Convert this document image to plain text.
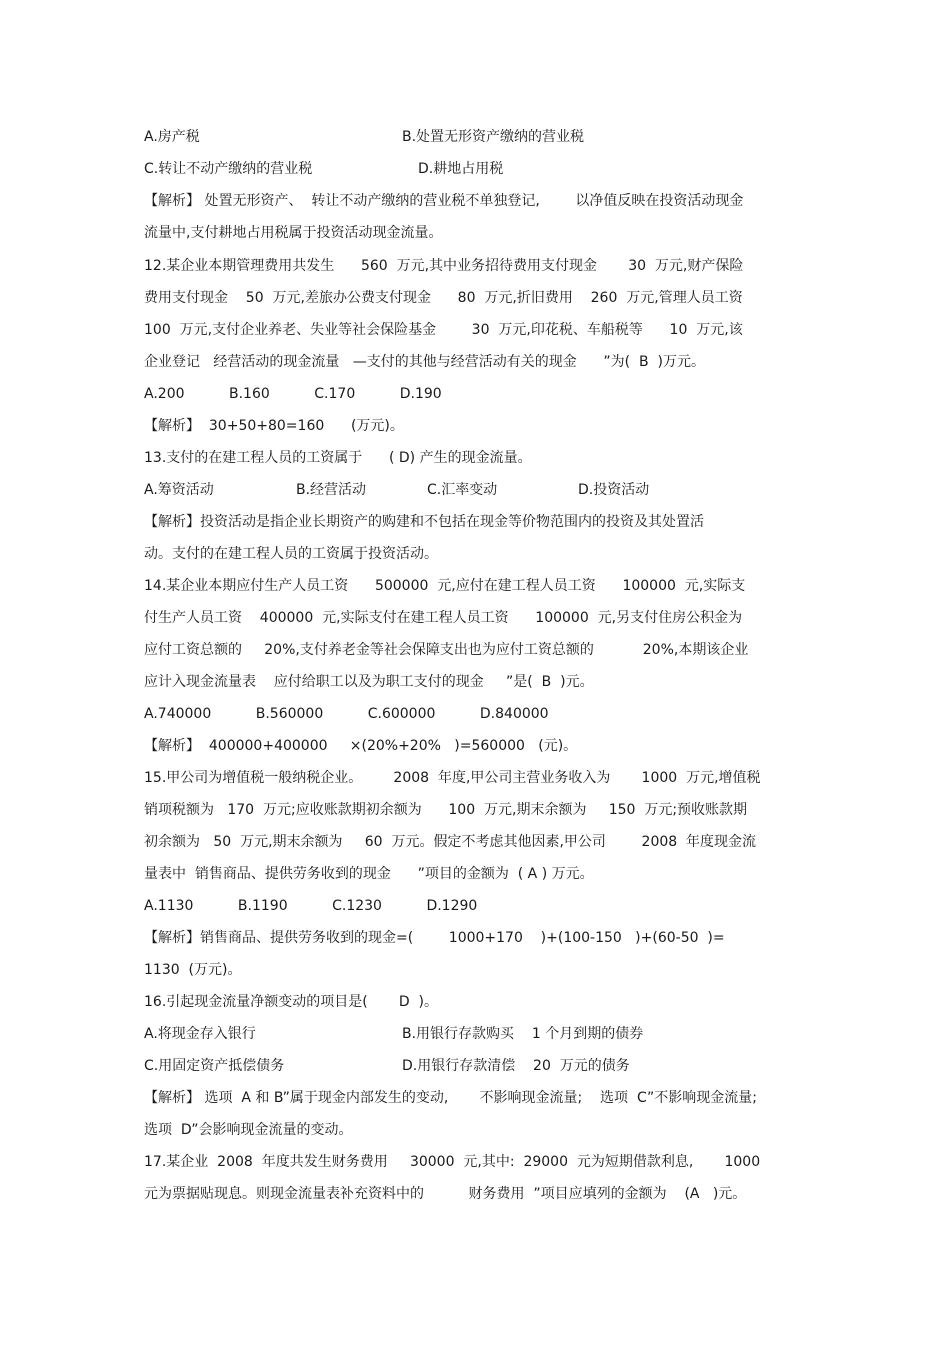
A.房产税	B.处置无形资产缴纳的营业税
C.转让不动产缴纳的营业税	D.耕地占用税
【解析】 处置无形资产、  转让不动产缴纳的营业税不单独登记,        以净值反映在投资活动现金
流量中,支付耕地占用税属于投资活动现金流量。
12.某企业本期管理费用共发生      560  万元,其中业务招待费用支付现金       30  万元,财产保险
费用支付现金    50  万元,差旅办公费支付现金      80  万元,折旧费用    260  万元,管理人员工资
100  万元,支付企业养老、失业等社会保险基金        30  万元,印花税、车船税等      10  万元,该
企业登记   经营活动的现金流量   —支付的其他与经营活动有关的现金      ”为(  B  )万元。
A.200          B.160          C.170          D.190
【解析】  30+50+80=160      (万元)。
13.支付的在建工程人员的工资属于      ( D) 产生的现金流量。
A.筹资活动	B.经营活动	C.汇率变动	D.投资活动
【解析】投资活动是指企业长期资产的购建和不包括在现金等价物范围内的投资及其处置活
动。支付的在建工程人员的工资属于投资活动。
14.某企业本期应付生产人员工资      500000  元,应付在建工程人员工资      100000  元,实际支
付生产人员工资    400000  元,实际支付在建工程人员工资      100000  元,另支付住房公积金为
应付工资总额的     20%,支付养老金等社会保障支出也为应付工资总额的           20%,本期该企业
应计入现金流量表    应付给职工以及为职工支付的现金     ”是(  B  )元。
A.740000          B.560000          C.600000          D.840000
【解析】  400000+400000     ×(20%+20%   )=560000   (元)。
15.甲公司为增值税一般纳税企业。       2008  年度,甲公司主营业务收入为       1000  万元,增值税
销项税额为   170  万元;应收账款期初余额为      100  万元,期末余额为     150  万元;预收账款期
初余额为   50  万元,期末余额为     60  万元。假定不考虑其他因素,甲公司        2008  年度现金流
量表中  销售商品、提供劳务收到的现金      ”项目的金额为  ( A ) 万元。
A.1130          B.1190          C.1230          D.1290
【解析】销售商品、提供劳务收到的现金=(        1000+170    )+(100-150   )+(60-50  )=
1130  (万元)。
16.引起现金流量净额变动的项目是(       D  )。
A.将现金存入银行	B.用银行存款购买    1 个月到期的债券
C.用固定资产抵偿债务	D.用银行存款清偿    20  万元的债务
【解析】 选项  A 和 B”属于现金内部发生的变动,       不影响现金流量;    选项  C”不影响现金流量;
选项  D”会影响现金流量的变动。
17.某企业  2008  年度共发生财务费用     30000  元,其中:  29000  元为短期借款利息,       1000
元为票据贴现息。则现金流量表补充资料中的          财务费用  ”项目应填列的金额为    (A   )元。
